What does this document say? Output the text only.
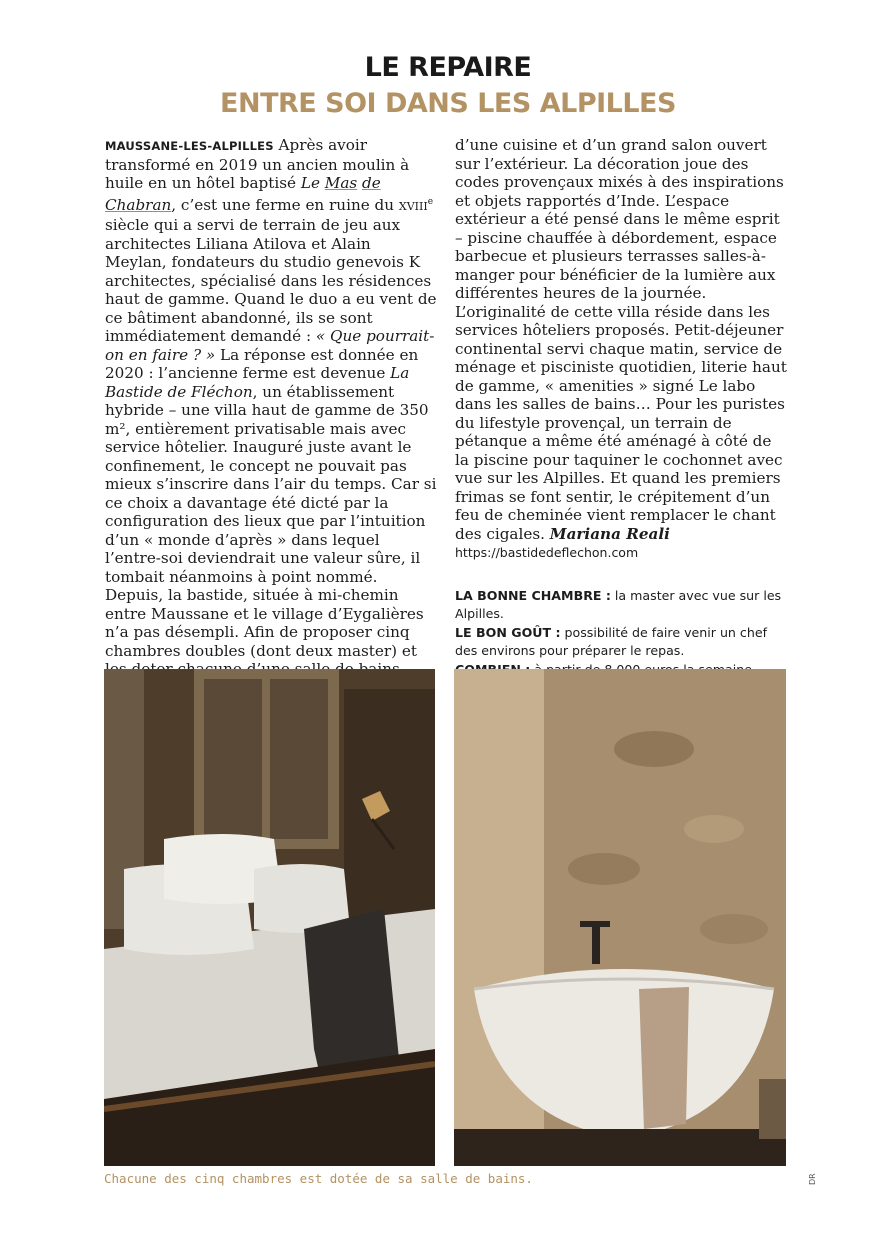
LE REPAIRE
ENTRE SOI DANS LES ALPILLES

MAUSSANE-LES-ALPILLES Après avoir transformé en 2019 un ancien moulin à huile en un hôtel baptisé Le Mas de Chabran, c’est une ferme en ruine du XVIIIe siècle qui a servi de terrain de jeu aux architectes Liliana Atilova et Alain Meylan, fondateurs du studio genevois K architectes, spécialisé dans les résidences haut de gamme. Quand le duo a eu vent de ce bâtiment abandonné, ils se sont immédiatement demandé : « Que pourrait-on en faire ? » La réponse est donnée en 2020 : l’ancienne ferme est devenue La Bastide de Fléchon, un établissement hybride – une villa haut de gamme de 350 m², entièrement privatisable mais avec service hôtelier. Inauguré juste avant le confinement, le concept ne pouvait pas mieux s’inscrire dans l’air du temps. Car si ce choix a davantage été dicté par la configuration des lieux que par l’intuition d’un « monde d’après » dans lequel l’entre-soi deviendrait une valeur sûre, il tombait néanmoins à point nommé. Depuis, la bastide, située à mi-chemin entre Maussane et le village d’Eygalières n’a pas désempli. Afin de proposer cinq chambres doubles (dont deux master) et

d’une cuisine et d’un grand salon ouvert sur l’extérieur. La décoration joue des codes provençaux mixés à des inspirations et objets rapportés d’Inde. L’espace extérieur a été pensé dans le même esprit – piscine chauffée à débordement, espace barbecue et plusieurs terrasses salles-à-manger pour bénéficier de la lumière aux différentes heures de la journée. L’originalité de cette villa réside dans les services hôteliers proposés. Petit-déjeuner continental servi chaque matin, service de ménage et pisciniste quotidien, literie haut de gamme, « amenities » signé Le labo dans les salles de bains… Pour les puristes du lifestyle provençal, un terrain de pétanque a même été aménagé à côté de la piscine pour taquiner le cochonnet avec vue sur les Alpilles. Et quand les premiers frimas se font sentir, le crépitement d’un feu de cheminée vient remplacer le chant des cigales. Mariana Reali

https://bastidedeflechon.com

LA BONNE CHAMBRE : la master avec vue sur les Alpilles.

LE BON GOÛT : possibilité de faire venir un chef des environs pour préparer le repas.

Chacune des cinq chambres est dotée de sa salle de bains.	DR
